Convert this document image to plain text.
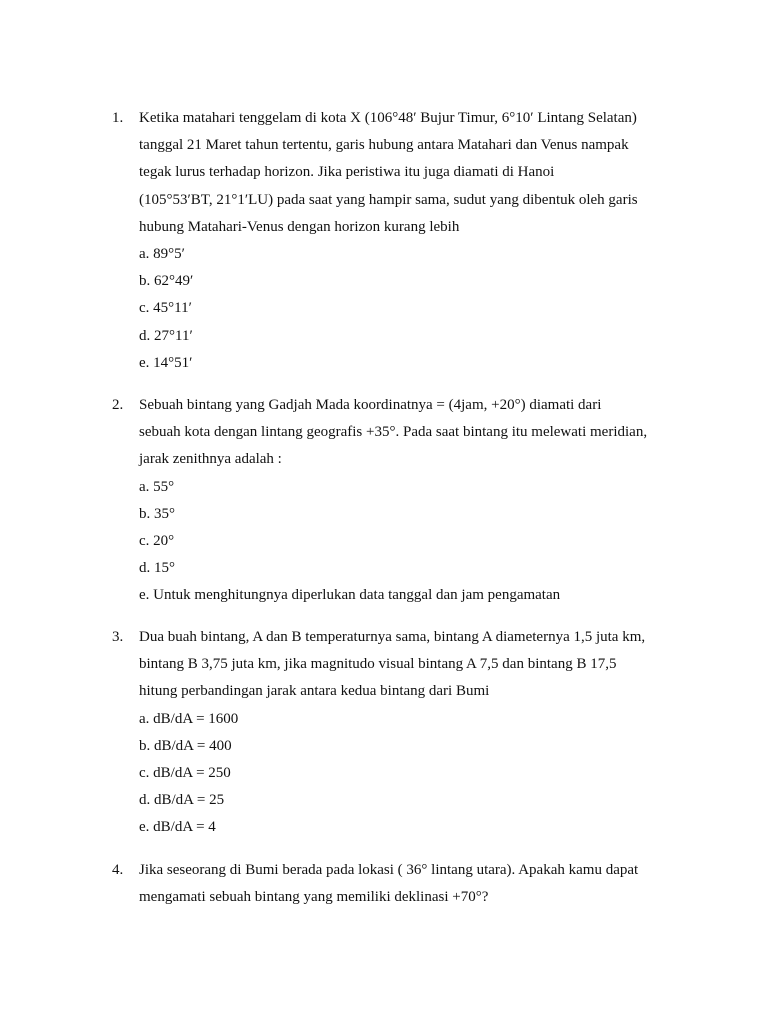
1. Ketika matahari tenggelam di kota X (106°48′ Bujur Timur, 6°10′ Lintang Selatan)
tanggal 21 Maret tahun tertentu, garis hubung antara Matahari dan Venus nampak
tegak lurus terhadap horizon. Jika peristiwa itu juga diamati di Hanoi
(105°53′BT, 21°1′LU) pada saat yang hampir sama, sudut yang dibentuk oleh garis
hubung Matahari-Venus dengan horizon kurang lebih
a. 89°5′
b. 62°49′
c. 45°11′
d. 27°11′
e. 14°51′
2. Sebuah bintang yang Gadjah Mada koordinatnya = (4jam, +20°) diamati dari
sebuah kota dengan lintang geografis +35°. Pada saat bintang itu melewati meridian,
jarak zenithnya adalah :
a. 55°
b. 35°
c. 20°
d. 15°
e. Untuk menghitungnya diperlukan data tanggal dan jam pengamatan
3. Dua buah bintang, A dan B temperaturnya sama, bintang A diameternya 1,5 juta km,
bintang B 3,75 juta km, jika magnitudo visual bintang A 7,5 dan bintang B 17,5
hitung perbandingan jarak antara kedua bintang dari Bumi
a. dB/dA = 1600
b. dB/dA = 400
c. dB/dA = 250
d. dB/dA = 25
e. dB/dA = 4
4. Jika seseorang di Bumi berada pada lokasi ( 36° lintang utara). Apakah kamu dapat
mengamati sebuah bintang yang memiliki deklinasi +70°?
